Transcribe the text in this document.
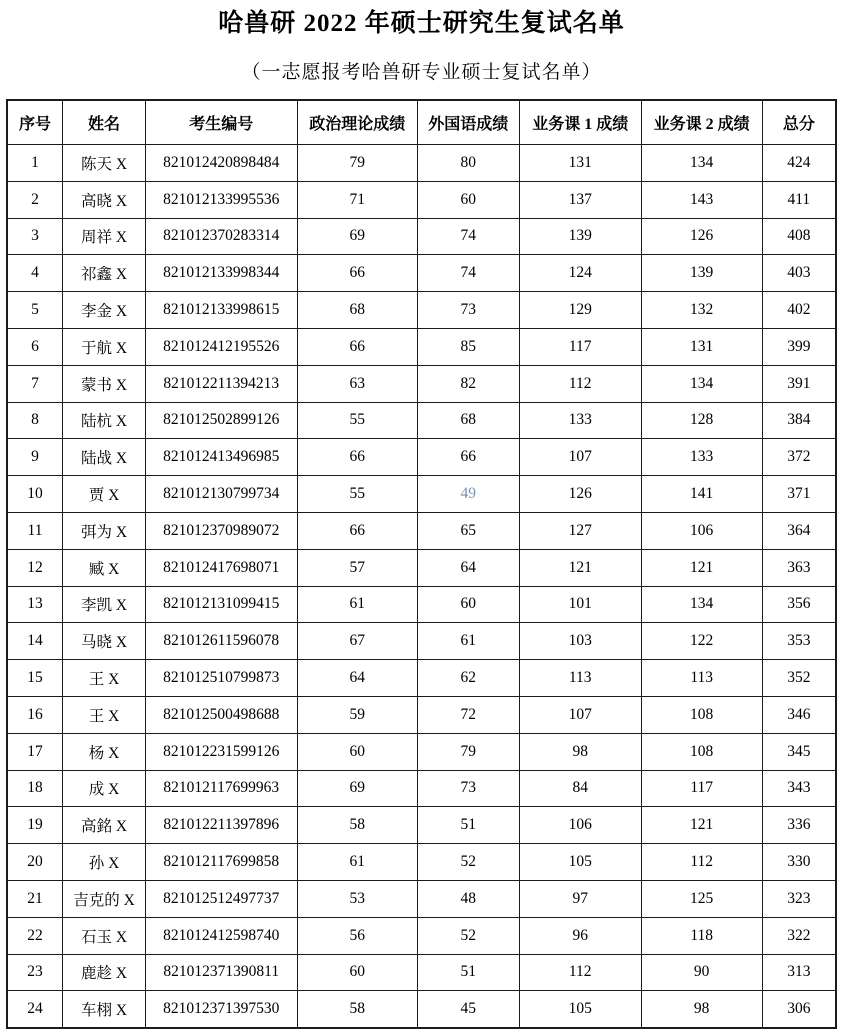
哈兽研 2022 年硕士研究生复试名单
（一志愿报考哈兽研专业硕士复试名单）
序号	姓名	考生编号	政治理论成绩	外国语成绩	业务课 1 成绩	业务课 2 成绩	总分
1	陈天 X	821012420898484	79	80	131	134	424
2	高晓 X	821012133995536	71	60	137	143	411
3	周祥 X	821012370283314	69	74	139	126	408
4	祁鑫 X	821012133998344	66	74	124	139	403
5	李金 X	821012133998615	68	73	129	132	402
6	于航 X	821012412195526	66	85	117	131	399
7	蒙书 X	821012211394213	63	82	112	134	391
8	陆杭 X	821012502899126	55	68	133	128	384
9	陆战 X	821012413496985	66	66	107	133	372
10	贾 X	821012130799734	55	49	126	141	371
11	弭为 X	821012370989072	66	65	127	106	364
12	臧 X	821012417698071	57	64	121	121	363
13	李凯 X	821012131099415	61	60	101	134	356
14	马晓 X	821012611596078	67	61	103	122	353
15	王 X	821012510799873	64	62	113	113	352
16	王 X	821012500498688	59	72	107	108	346
17	杨 X	821012231599126	60	79	98	108	345
18	成 X	821012117699963	69	73	84	117	343
19	高銘 X	821012211397896	58	51	106	121	336
20	孙 X	821012117699858	61	52	105	112	330
21	吉克的 X	821012512497737	53	48	97	125	323
22	石玉 X	821012412598740	56	52	96	118	322
23	鹿趁 X	821012371390811	60	51	112	90	313
24	车栩 X	821012371397530	58	45	105	98	306
